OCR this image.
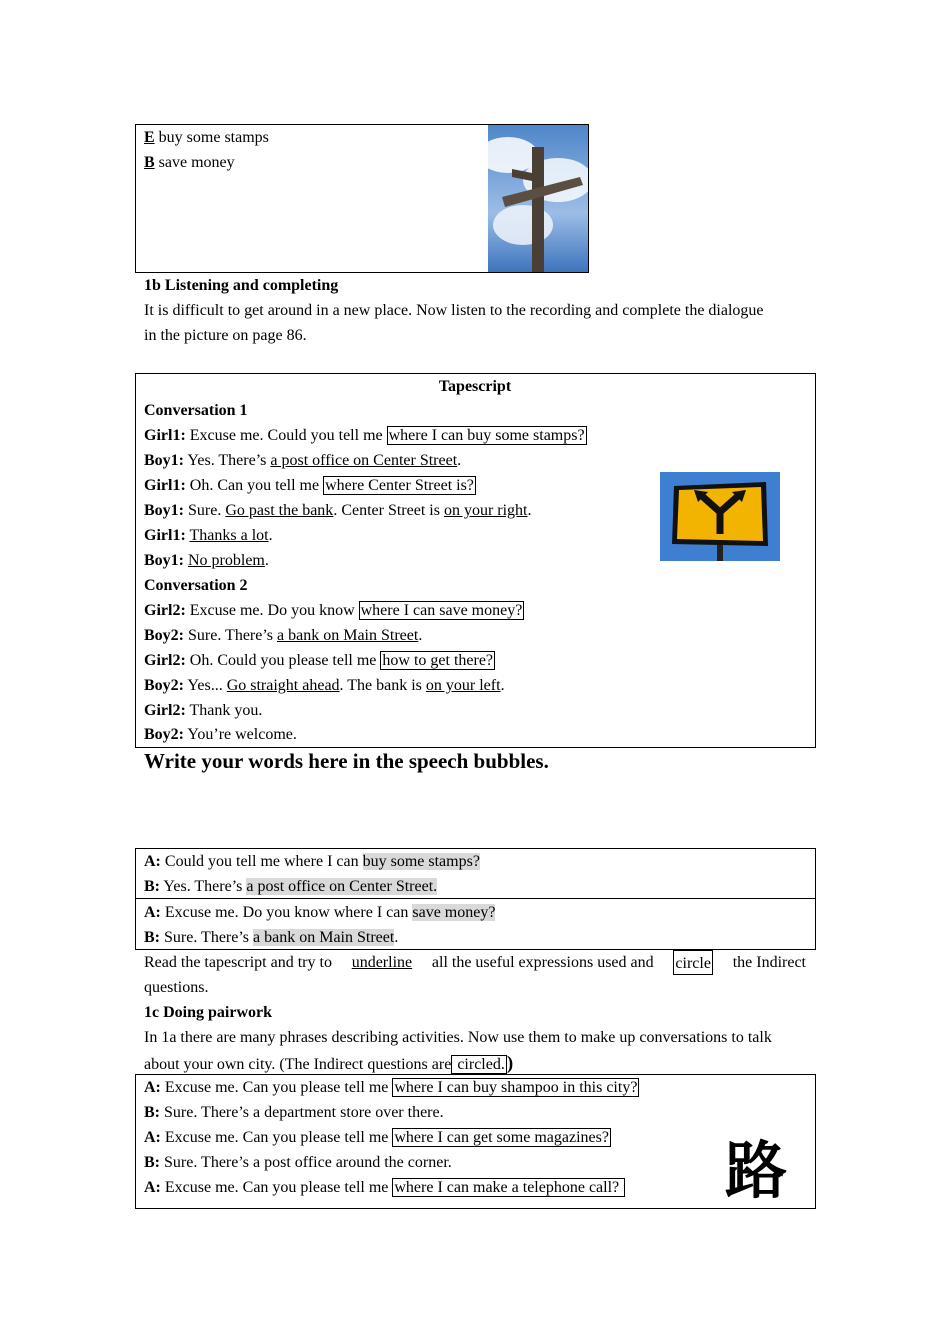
E buy some stamps
B save money
1b Listening and completing
It is difficult to get around in a new place. Now listen to the recording and complete the dialogue
in the picture on page 86.
Tapescript
Conversation 1
Girl1: Excuse me. Could you tell me where I can buy some stamps?
Boy1: Yes. There’s a post office on Center Street.
Girl1: Oh. Can you tell me where Center Street is?
Boy1: Sure. Go past the bank. Center Street is on your right.
Girl1: Thanks a lot.
Boy1: No problem.
Conversation 2
Girl2: Excuse me. Do you know where I can save money?
Boy2: Sure. There’s a bank on Main Street.
Girl2: Oh. Could you please tell me how to get there?
Boy2: Yes... Go straight ahead. The bank is on your left.
Girl2: Thank you.
Boy2: You’re welcome.
Write your words here in the speech bubbles.
A: Could you tell me where I can buy some stamps?
B: Yes. There’s a post office on Center Street.
A: Excuse me. Do you know where I can save money?
B: Sure. There’s a bank on Main Street.
Read the tapescript and try to underline all the useful expressions used and circle the Indirect
questions.
1c Doing pairwork
In 1a there are many phrases describing activities. Now use them to make up conversations to talk
about your own city. (The Indirect questions are circled. )
A: Excuse me. Can you please tell me where I can buy shampoo in this city?
B: Sure. There’s a department store over there.
A: Excuse me. Can you please tell me where I can get some magazines?
B: Sure. There’s a post office around the corner.
A: Excuse me. Can you please tell me where I can make a telephone call? 路
